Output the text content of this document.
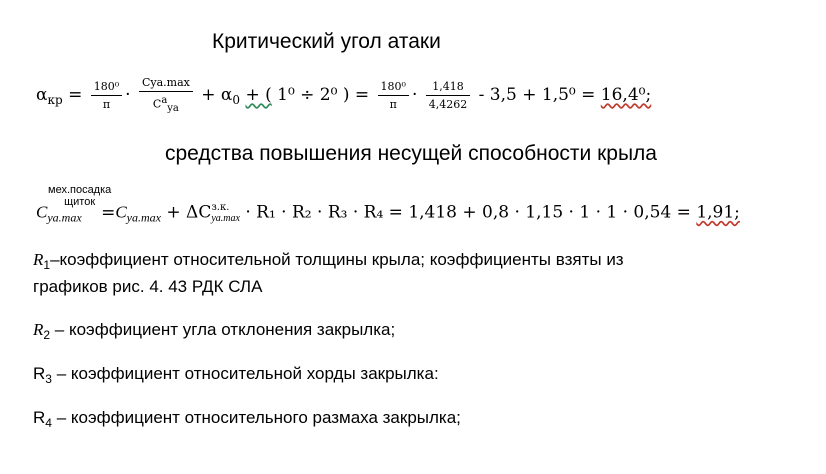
Критический угол атаки
$\alpha_{кр} = \frac{\text{180⁰}}{\pi} \cdot \frac{\text{Cya.max}}{C^a_{ya}} + \alpha_0$ + ( 1⁰ ÷ 2⁰ ) = $\frac{\text{180⁰}}{\pi} \cdot \frac{1,418}{4,4262} - 3,5 + 1,5^0 = 16,4^0$;
средства повышения несущей способности крыла
мех.посадка
щиток
$C_{ya.max} =C_{ya.max} + \Delta C$ з.к.
ya.max · R₁ · R₂ · R₃ · R₄ = 1,418 + 0,8 · 1,15 · 1 · 1 · 0,54 = 1,91;
$R_1$–коэффициент относительной толщины крыла; коэффициенты взяты из
графиков рис. 4. 43 РДК СЛА
$R_2$ – коэффициент угла отклонения закрылка;
$R_3$ – коэффициент относительной хорды закрылка:
$R_4$ – коэффициент относительного размаха закрылка;
